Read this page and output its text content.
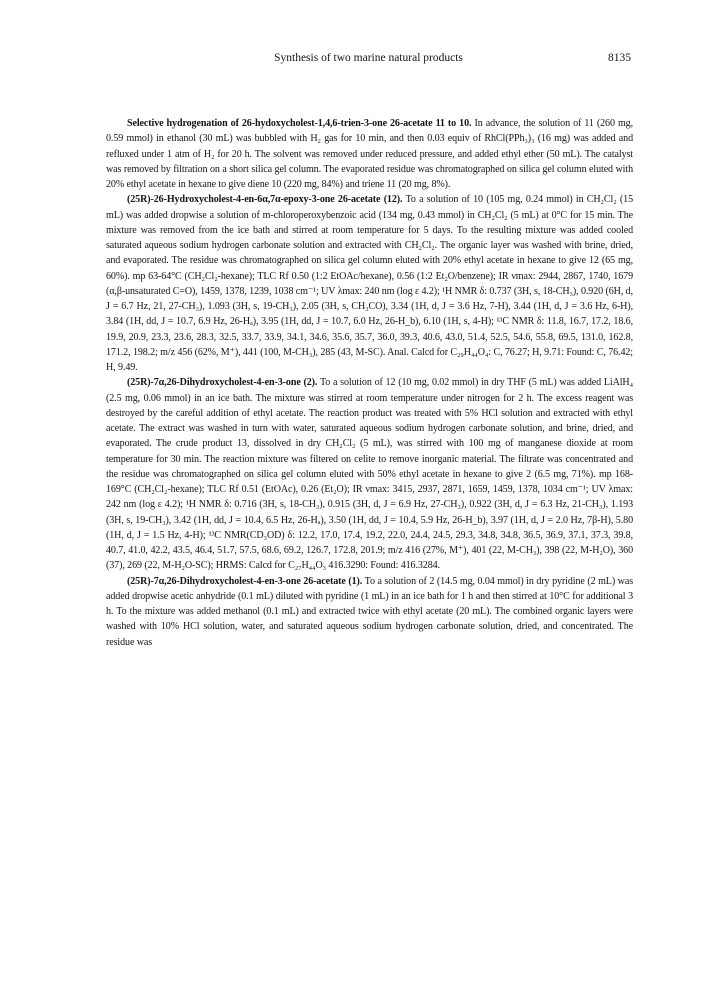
Synthesis of two marine natural products	8135

Selective hydrogenation of 26-hydoxycholest-1,4,6-trien-3-one 26-acetate 11 to 10. In advance, the solution of 11 (260 mg, 0.59 mmol) in ethanol (30 mL) was bubbled with H₂ gas for 10 min, and then 0.03 equiv of RhCl(PPh₃)₃ (16 mg) was added and refluxed under 1 atm of H₂ for 20 h. The solvent was removed under reduced pressure, and added ethyl ether (50 mL). The catalyst was removed by filtration on a short silica gel column. The evaporated residue was chromatographed on silica gel column eluted with 20% ethyl acetate in hexane to give diene 10 (220 mg, 84%) and triene 11 (20 mg, 8%).

(25R)-26-Hydroxycholest-4-en-6α,7α-epoxy-3-one 26-acetate (12). To a solution of 10 (105 mg, 0.24 mmol) in CH₂Cl₂ (15 mL) was added dropwise a solution of m-chloroperoxybenzoic acid (134 mg, 0.43 mmol) in CH₂Cl₂ (5 mL) at 0°C for 15 min. The mixture was removed from the ice bath and stirred at room temperature for 5 days. To the resulting mixture was added cooled saturated aqueous sodium hydrogen carbonate solution and extracted with CH₂Cl₂. The organic layer was washed with brine, dried, and evaporated. The residue was chromatographed on silica gel column eluted with 20% ethyl acetate in hexane to give 12 (65 mg, 60%). mp 63-64°C (CH₂Cl₂-hexane); TLC Rf 0.50 (1:2 EtOAc/hexane), 0.56 (1:2 Et₂O/benzene); IR νmax: 2944, 2867, 1740, 1679 (α,β-unsaturated C=O), 1459, 1378, 1239, 1038 cm⁻¹; UV λmax: 240 nm (log ε 4.2); ¹H NMR δ: 0.737 (3H, s, 18-CH₃), 0.920 (6H, d, J = 6.7 Hz, 21, 27-CH₃), 1.093 (3H, s, 19-CH₃), 2.05 (3H, s, CH₃CO), 3.34 (1H, d, J = 3.6 Hz, 7-H), 3.44 (1H, d, J = 3.6 Hz, 6-H), 3.84 (1H, dd, J = 10.7, 6.9 Hz, 26-Hₐ), 3.95 (1H, dd, J = 10.7, 6.0 Hz, 26-H_b), 6.10 (1H, s, 4-H); ¹³C NMR δ: 11.8, 16.7, 17.2, 18.6, 19.9, 20.9, 23.3, 23.6, 28.3, 32.5, 33.7, 33.9, 34.1, 34.6, 35.6, 35.7, 36.0, 39.3, 40.6, 43.0, 51.4, 52.5, 54.6, 55.8, 69.5, 131.0, 162.8, 171.2, 198.2; m/z 456 (62%, M⁺), 441 (100, M-CH₃), 285 (43, M-SC). Anal. Calcd for C₂₉H₄₄O₄: C, 76.27; H, 9.71: Found: C, 76.42; H, 9.49.

(25R)-7α,26-Dihydroxycholest-4-en-3-one (2). To a solution of 12 (10 mg, 0.02 mmol) in dry THF (5 mL) was added LiAlH₄ (2.5 mg, 0.06 mmol) in an ice bath. The mixture was stirred at room temperature under nitrogen for 2 h. The excess reagent was destroyed by the careful addition of ethyl acetate. The reaction product was treated with 5% HCl solution and extracted with ethyl acetate. The extract was washed in turn with water, saturated aqueous sodium hydrogen carbonate solution, and brine, dried, and evaporated. The crude product 13, dissolved in dry CH₂Cl₂ (5 mL), was stirred with 100 mg of manganese dioxide at room temperature for 30 min. The reaction mixture was filtered on celite to remove inorganic material. The filtrate was concentrated and the residue was chromatographed on silica gel column eluted with 50% ethyl acetate in hexane to give 2 (6.5 mg, 71%). mp 168-169°C (CH₂Cl₂-hexane); TLC Rf 0.51 (EtOAc), 0.26 (Et₂O); IR νmax: 3415, 2937, 2871, 1659, 1459, 1378, 1034 cm⁻¹; UV λmax: 242 nm (log ε 4.2); ¹H NMR δ: 0.716 (3H, s, 18-CH₃), 0.915 (3H, d, J = 6.9 Hz, 27-CH₃), 0.922 (3H, d, J = 6.3 Hz, 21-CH₃), 1.193 (3H, s, 19-CH₃), 3.42 (1H, dd, J = 10.4, 6.5 Hz, 26-Hₐ), 3.50 (1H, dd, J = 10.4, 5.9 Hz, 26-H_b), 3.97 (1H, d, J = 2.0 Hz, 7β-H), 5.80 (1H, d, J = 1.5 Hz, 4-H); ¹³C NMR(CD₃OD) δ: 12.2, 17.0, 17.4, 19.2, 22.0, 24.4, 24.5, 29.3, 34.8, 34.8, 36.5, 36.9, 37.1, 37.3, 39.8, 40.7, 41.0, 42.2, 43.5, 46.4, 51.7, 57.5, 68.6, 69.2, 126.7, 172.8, 201.9; m/z 416 (27%, M⁺), 401 (22, M-CH₃), 398 (22, M-H₂O), 360 (37), 269 (22, M-H₂O-SC); HRMS: Calcd for C₂₇H₄₄O₃ 416.3290: Found: 416.3284.

(25R)-7α,26-Dihydroxycholest-4-en-3-one 26-acetate (1). To a solution of 2 (14.5 mg, 0.04 mmol) in dry pyridine (2 mL) was added dropwise acetic anhydride (0.1 mL) diluted with pyridine (1 mL) in an ice bath for 1 h and then stirred at 10°C for additional 3 h. To the mixture was added methanol (0.1 mL) and extracted twice with ethyl acetate (20 mL). The combined organic layers were washed with 10% HCl solution, water, and saturated aqueous sodium hydrogen carbonate solution, dried, and concentrated. The residue was
